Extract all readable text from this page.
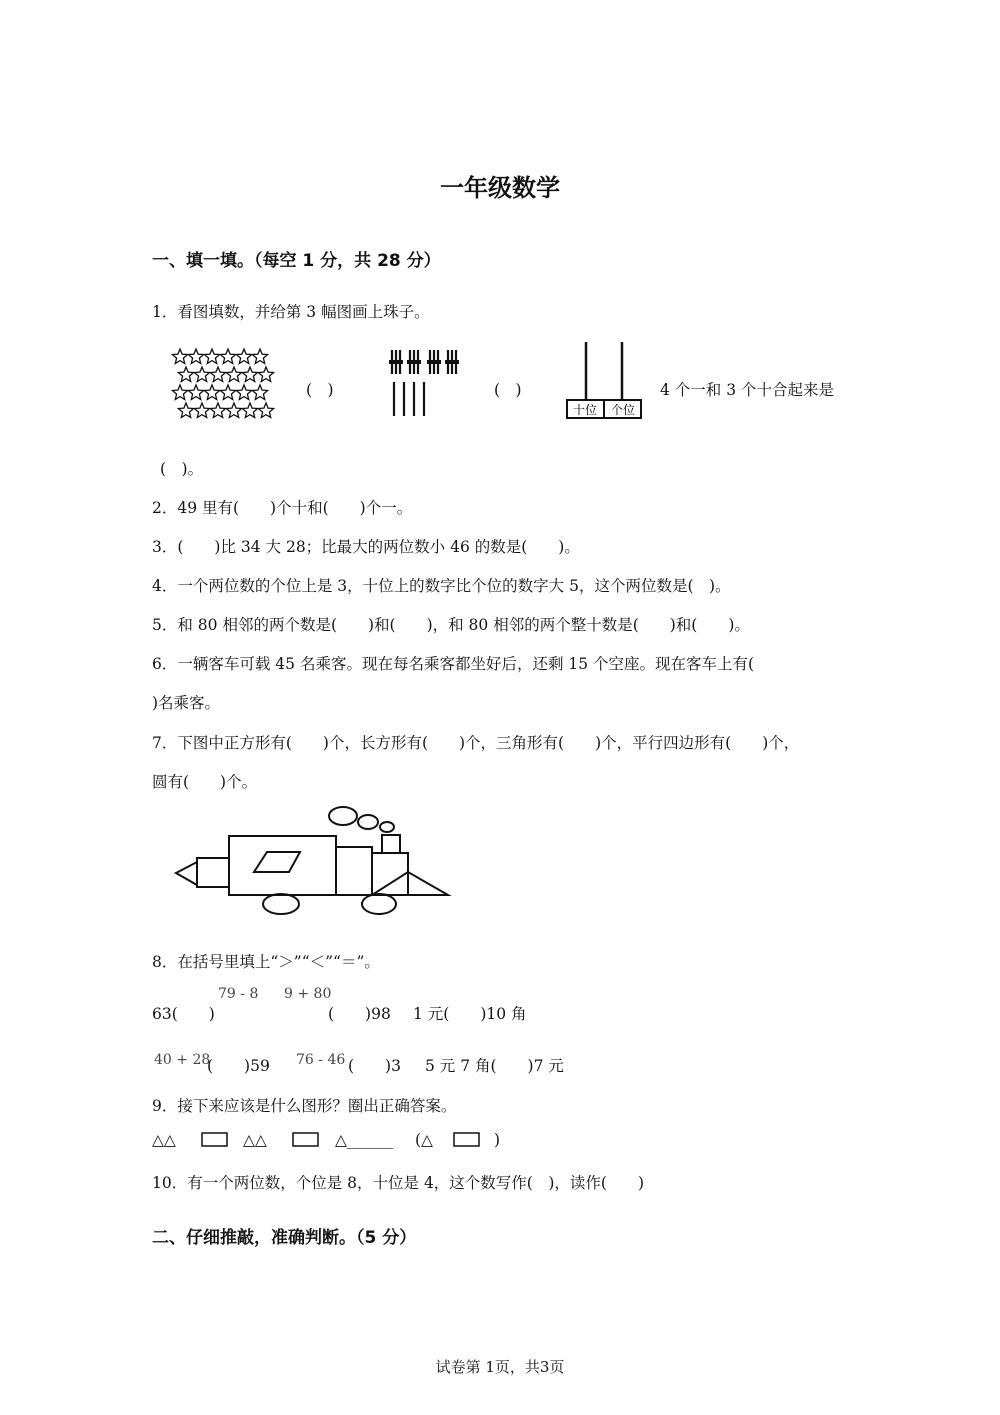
一年级数学
一、填一填。（每空 1 分，共 28 分）
1．看图填数，并给第 3 幅图画上珠子。
(　)	(　)
十位 个位
4 个一和 3 个十合起来是
(　)。
2．49 里有(　　)个十和(　　)个一。
3．(　　)比 34 大 28；比最大的两位数小 46 的数是(　　)。
4．一个两位数的个位上是 3，十位上的数字比个位的数字大 5，这个两位数是(　)。
5．和 80 相邻的两个数是(　　)和(　　)，和 80 相邻的两个整十数是(　　)和(　　)。
6．一辆客车可载 45 名乘客。现在每名乘客都坐好后，还剩 15 个空座。现在客车上有(
)名乘客。
7．下图中正方形有(　　)个，长方形有(　　)个，三角形有(　　)个，平行四边形有(　　)个，
圆有(　　)个。
8．在括号里填上“＞”“＜”“＝”。
63(　　)
79 - 8 9 + 80
(　　)98 1 元(　　)10 角
40 + 28
(　　)59 76 - 46 (　　)3 5 元 7 角(　　)7 元
9．接下来应该是什么图形？圈出正确答案。
△△	△△	△______ (△	)
10．有一个两位数，个位是 8，十位是 4，这个数写作(　)，读作(　　)
二、仔细推敲，准确判断。（5 分）
试卷第 1页，共3页
